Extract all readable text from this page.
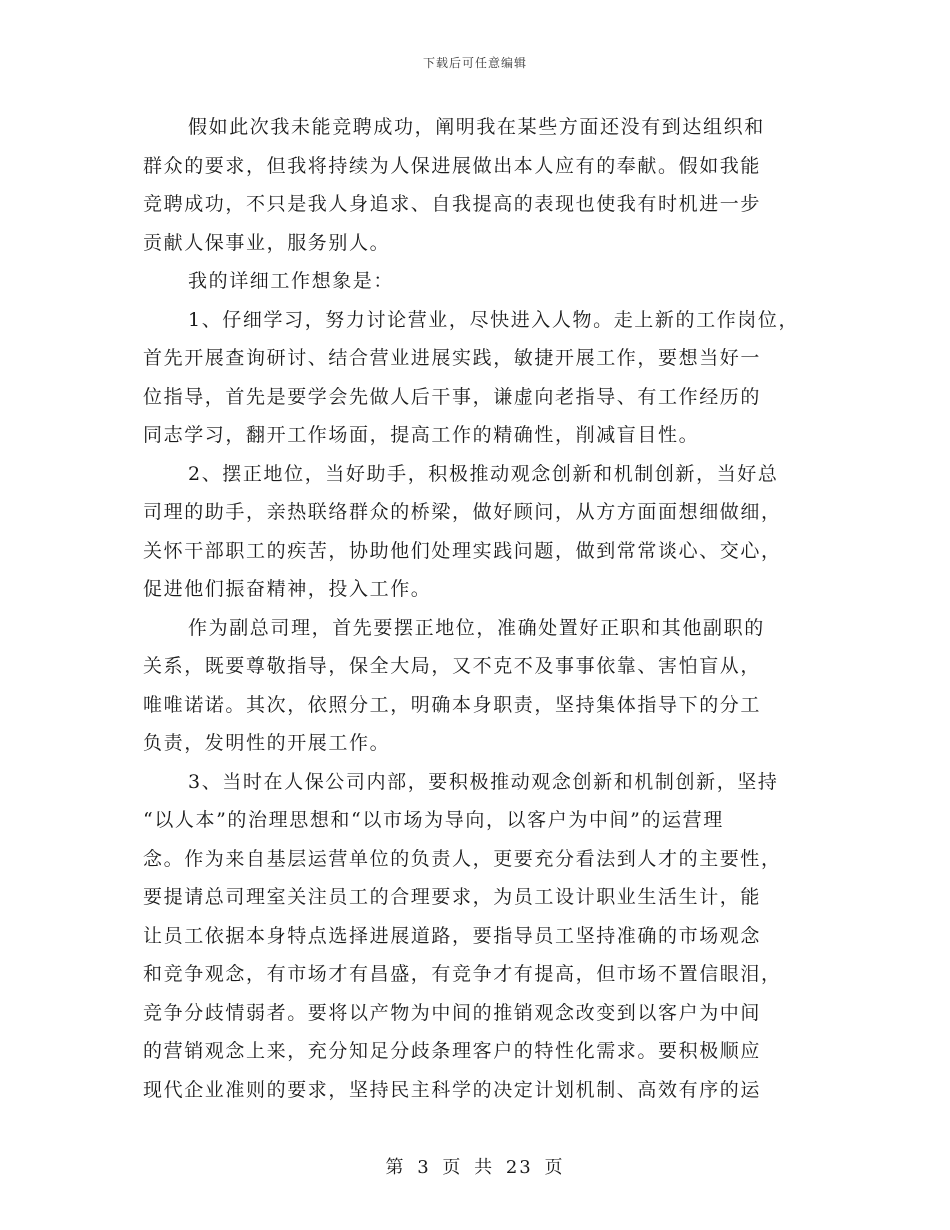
下载后可任意编辑
假如此次我未能竞聘成功，阐明我在某些方面还没有到达组织和
群众的要求，但我将持续为人保进展做出本人应有的奉献。假如我能
竞聘成功，不只是我人身追求、自我提高的表现也使我有时机进一步
贡献人保事业，服务别人。
我的详细工作想象是：
1、仔细学习，努力讨论营业，尽快进入人物。走上新的工作岗位，
首先开展查询研讨、结合营业进展实践，敏捷开展工作，要想当好一
位指导，首先是要学会先做人后干事，谦虚向老指导、有工作经历的
同志学习，翻开工作场面，提高工作的精确性，削减盲目性。
2、摆正地位，当好助手，积极推动观念创新和机制创新，当好总
司理的助手，亲热联络群众的桥梁，做好顾问，从方方面面想细做细，
关怀干部职工的疾苦，协助他们处理实践问题，做到常常谈心、交心，
促进他们振奋精神，投入工作。
作为副总司理，首先要摆正地位，准确处置好正职和其他副职的
关系，既要尊敬指导，保全大局，又不克不及事事依靠、害怕盲从，
唯唯诺诺。其次，依照分工，明确本身职责，坚持集体指导下的分工
负责，发明性的开展工作。
3、当时在人保公司内部，要积极推动观念创新和机制创新，坚持
“以人本”的治理思想和“以市场为导向，以客户为中间”的运营理
念。作为来自基层运营单位的负责人，更要充分看法到人才的主要性，
要提请总司理室关注员工的合理要求，为员工设计职业生活生计，能
让员工依据本身特点选择进展道路，要指导员工坚持准确的市场观念
和竞争观念，有市场才有昌盛，有竞争才有提高，但市场不置信眼泪，
竞争分歧情弱者。要将以产物为中间的推销观念改变到以客户为中间
的营销观念上来，充分知足分歧条理客户的特性化需求。要积极顺应
现代企业准则的要求，坚持民主科学的决定计划机制、高效有序的运
第 3 页 共 23 页
